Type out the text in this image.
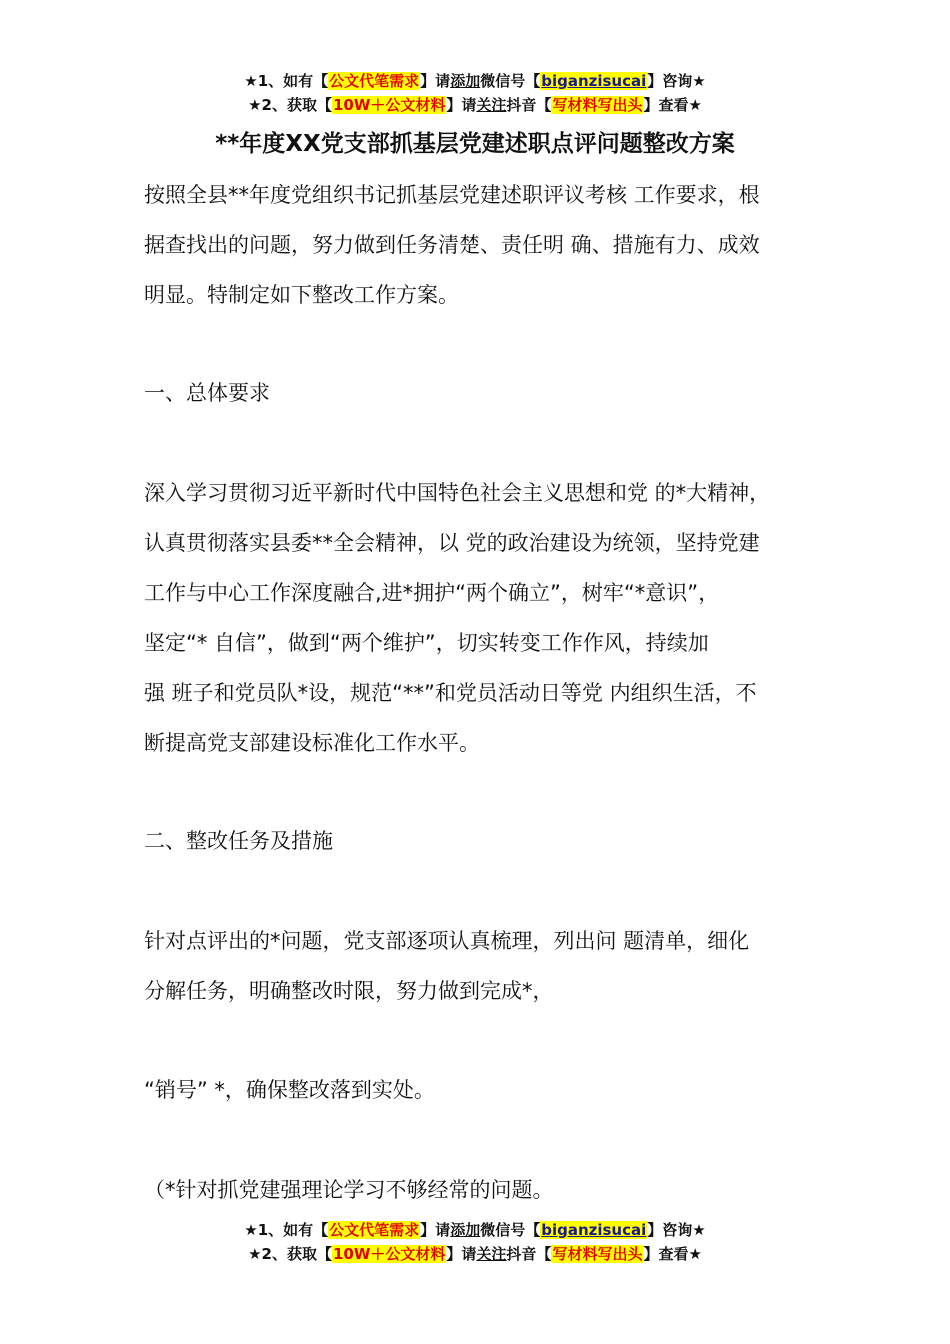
★1、如有【公文代笔需求】请添加微信号【biganzisucai】咨询★
★2、获取【10W＋公文材料】请关注抖音【写材料写出头】查看★
**年度XX党支部抓基层党建述职点评问题整改方案
按照全县**年度党组织书记抓基层党建述职评议考核 工作要求，根
据查找出的问题，努力做到任务清楚、责任明 确、措施有力、成效
明显。特制定如下整改工作方案。
一、总体要求
深入学习贯彻习近平新时代中国特色社会主义思想和党 的*大精神，
认真贯彻落实县委**全会精神，以 党的政治建设为统领，坚持党建
工作与中心工作深度融合,进*拥护“两个确立”，树牢“*意识”，
坚定“* 自信”，做到“两个维护”，切实转变工作作风，持续加
强 班子和党员队*设，规范“**”和党员活动日等党 内组织生活，不
断提高党支部建设标准化工作水平。
二、整改任务及措施
针对点评出的*问题，党支部逐项认真梳理，列出问 题清单，细化
分解任务，明确整改时限，努力做到完成*，
“销号” *，确保整改落到实处。
（*针对抓党建强理论学习不够经常的问题。
★1、如有【公文代笔需求】请添加微信号【biganzisucai】咨询★
★2、获取【10W＋公文材料】请关注抖音【写材料写出头】查看★
